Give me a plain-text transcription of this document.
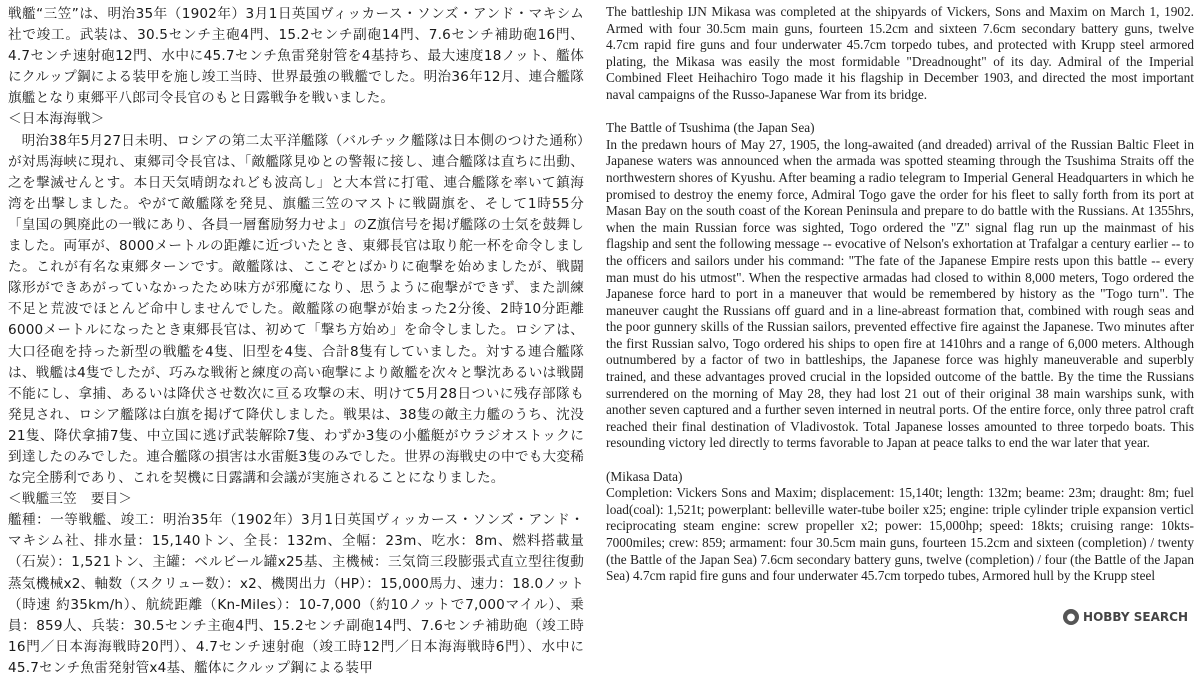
戦艦“三笠”は、明治35年（1902年）3月1日英国ヴィッカース・ソンズ・アンド・マキシム社で竣工。武装は、30.5センチ主砲4門、15.2センチ副砲14門、7.6センチ補助砲16門、4.7センチ速射砲12門、水中に45.7センチ魚雷発射管を4基持ち、最大速度18ノット、艦体にクルップ鋼による装甲を施し竣工当時、世界最強の戦艦でした。明治36年12月、連合艦隊旗艦となり東郷平八郎司令長官のもと日露戦争を戦いました。

＜日本海海戦＞

明治38年5月27日未明、ロシアの第二太平洋艦隊（バルチック艦隊は日本側のつけた通称）が対馬海峡に現れ、東郷司令長官は、「敵艦隊見ゆとの警報に接し、連合艦隊は直ちに出動、之を撃滅せんとす。本日天気晴朗なれども波高し」と大本営に打電、連合艦隊を率いて鎮海湾を出撃しました。やがて敵艦隊を発見、旗艦三笠のマストに戦闘旗を、そして1時55分「皇国の興廃此の一戦にあり、各員一層奮励努力せよ」のZ旗信号を掲げ艦隊の士気を鼓舞しました。両軍が、8000メートルの距離に近づいたとき、東郷長官は取り舵一杯を命令しました。これが有名な東郷ターンです。敵艦隊は、ここぞとばかりに砲撃を始めましたが、戦闘隊形ができあがっていなかったため味方が邪魔になり、思うように砲撃ができず、また訓練不足と荒波でほとんど命中しませんでした。敵艦隊の砲撃が始まった2分後、2時10分距離6000メートルになったとき東郷長官は、初めて「撃ち方始め」を命令しました。ロシアは、大口径砲を持った新型の戦艦を4隻、旧型を4隻、合計8隻有していました。対する連合艦隊は、戦艦は4隻でしたが、巧みな戦術と練度の高い砲撃により敵艦を次々と撃沈あるいは戦闘不能にし、拿捕、あるいは降伏させ数次に亘る攻撃の末、明けて5月28日ついに残存部隊も発見され、ロシア艦隊は白旗を掲げて降伏しました。戦果は、38隻の敵主力艦のうち、沈没21隻、降伏拿捕7隻、中立国に逃げ武装解除7隻、わずか3隻の小艦艇がウラジオストックに到達したのみでした。連合艦隊の損害は水雷艇3隻のみでした。世界の海戦史の中でも大変稀な完全勝利であり、これを契機に日露講和会議が実施されることになりました。

＜戦艦三笠　要目＞

艦種：一等戦艦、竣工：明治35年（1902年）3月1日英国ヴィッカース・ソンズ・アンド・マキシム社、排水量：15,140トン、全長：132m、全幅：23m、吃水：8m、燃料搭載量（石炭）：1,521トン、主罐：ベルビール罐x25基、主機械：三気筒三段膨張式直立型往復動蒸気機械x2、軸数（スクリュー数）：x2、機関出力（HP）：15,000馬力、速力：18.0ノット（時速 約35km/h）、航続距離（Kn-Miles）：10-7,000（約10ノットで7,000マイル）、乗員：859人、兵装：30.5センチ主砲4門、15.2センチ副砲14門、7.6センチ補助砲（竣工時16門／日本海海戦時20門）、4.7センチ速射砲（竣工時12門／日本海海戦時6門）、水中に45.7センチ魚雷発射管x4基、艦体にクルップ鋼による装甲

The battleship IJN Mikasa was completed at the shipyards of Vickers, Sons and Maxim on March 1, 1902. Armed with four 30.5cm main guns, fourteen 15.2cm and sixteen 7.6cm secondary battery guns, twelve 4.7cm rapid fire guns and four underwater 45.7cm torpedo tubes, and protected with Krupp steel armored plating, the Mikasa was easily the most formidable "Dreadnought" of its day. Admiral of the Imperial Combined Fleet Heihachiro Togo made it his flagship in December 1903, and directed the most important naval campaigns of the Russo-Japanese War from its bridge.

The Battle of Tsushima (the Japan Sea)

In the predawn hours of May 27, 1905, the long-awaited (and dreaded) arrival of the Russian Baltic Fleet in Japanese waters was announced when the armada was spotted steaming through the Tsushima Straits off the northwestern shores of Kyushu. After beaming a radio telegram to Imperial General Headquarters in which he promised to destroy the enemy force, Admiral Togo gave the order for his fleet to sally forth from its port at Masan Bay on the south coast of the Korean Peninsula and prepare to do battle with the Russians. At 1355hrs, when the main Russian force was sighted, Togo ordered the "Z" signal flag run up the mainmast of his flagship and sent the following message -- evocative of Nelson's exhortation at Trafalgar a century earlier -- to the officers and sailors under his command: "The fate of the Japanese Empire rests upon this battle -- every man must do his utmost". When the respective armadas had closed to within 8,000 meters, Togo ordered the Japanese force hard to port in a maneuver that would be remembered by history as the "Togo turn". The maneuver caught the Russians off guard and in a line-abreast formation that, combined with rough seas and the poor gunnery skills of the Russian sailors, prevented effective fire against the Japanese. Two minutes after the first Russian salvo, Togo ordered his ships to open fire at 1410hrs and a range of 6,000 meters. Although outnumbered by a factor of two in battleships, the Japanese force was highly maneuverable and superbly trained, and these advantages proved crucial in the lopsided outcome of the battle. By the time the Russians surrendered on the morning of May 28, they had lost 21 out of their original 38 main warships sunk, with another seven captured and a further seven interned in neutral ports. Of the entire force, only three patrol craft reached their final destination of Vladivostok. Total Japanese losses amounted to three torpedo boats. This resounding victory led directly to terms favorable to Japan at peace talks to end the war later that year.

(Mikasa Data)

Completion: Vickers Sons and Maxim; displacement: 15,140t; length: 132m; beame: 23m; draught: 8m; fuel load(coal): 1,521t; powerplant: belleville water-tube boiler x25; engine: triple cylinder triple expansion verticl reciprocating steam engine: screw propeller x2; power: 15,000hp; speed: 18kts; cruising range: 10kts-7000miles; crew: 859; armament: four 30.5cm main guns, fourteen 15.2cm and sixteen (completion) / twenty (the Battle of the Japan Sea) 7.6cm secondary battery guns, twelve (completion) / four (the Battle of the Japan Sea) 4.7cm rapid fire guns and four underwater 45.7cm torpedo tubes, Armored hull by the Krupp steel

● HOBBY SEARCH
